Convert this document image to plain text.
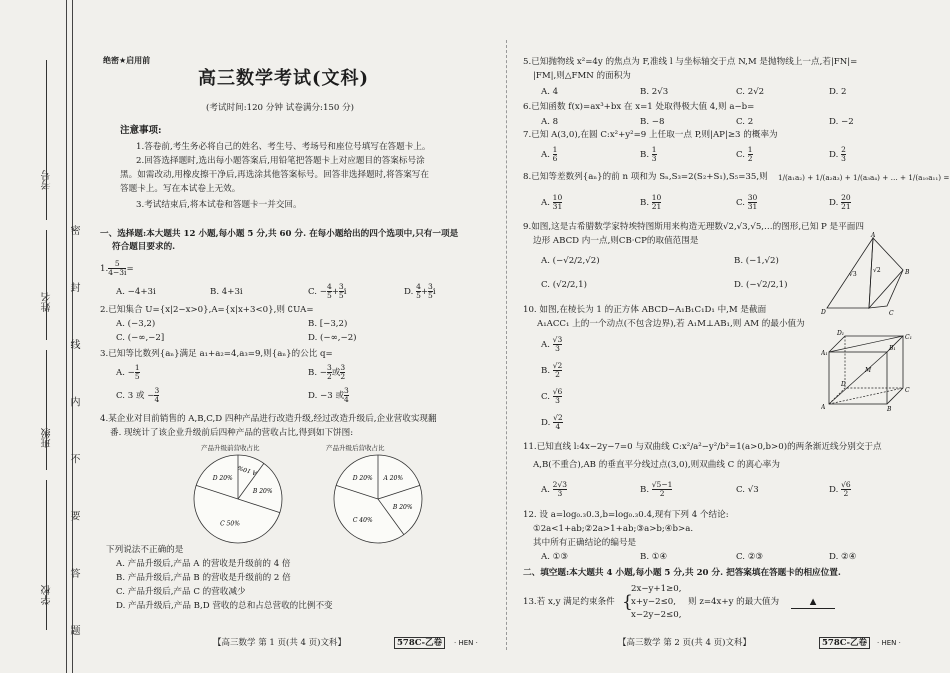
考号
姓名
班级
学校 密 封 线 内 不 要 答 题
绝密★启用前
高三数学考试(文科)
(考试时间:120 分钟 试卷满分:150 分)
注意事项:
1.答卷前,考生务必将自己的姓名、考生号、考场号和座位号填写在答题卡上。
2.回答选择题时,选出每小题答案后,用铅笔把答题卡上对应题目的答案标号涂
黑。如需改动,用橡皮擦干净后,再选涂其他答案标号。回答非选择题时,将答案写在
答题卡上。写在本试卷上无效。
3.考试结束后,将本试卷和答题卡一并交回。
一、选择题:本大题共 12 小题,每小题 5 分,共 60 分. 在每小题给出的四个选项中,只有一项是
符合题目要求的.
1. $\frac{5}{4-3i}$ =
A. −4+3i	B. 4+3i	C. − $\frac{4}{5} + \frac{3}{5}$ i	D. $\frac{4}{5} + \frac{3}{5}$ i
2.已知集合 U={x|2−x>0},A={x|x+3<0},则 ∁UA=
A. (−3,2)	B. [−3,2)
C. (−∞,−2]	D. (−∞,−2)
3.已知等比数列{aₙ}满足 a₁+a₂=4,a₃=9,则{aₙ}的公比 q=
A. − $\frac{1}{5}$	B. − $\frac{3}{2}$ 或 $\frac{3}{2}$
C. 3 或 − $\frac{3}{4}$	D. −3 或 $\frac{3}{4}$
4.某企业对目前销售的 A,B,C,D 四种产品进行改造升级,经过改造升级后,企业营收实现翻
番. 现统计了该企业升级前后四种产品的营收占比,得到如下饼图:
产品升级前营收占比	产品升级后营收占比
A 10%
B 20%
C 50%
D 20%	A 20%
B 20%
C 40%
D 20%
下列说法不正确的是
A. 产品升级后,产品 A 的营收是升级前的 4 倍
B. 产品升级后,产品 B 的营收是升级前的 2 倍
C. 产品升级后,产品 C 的营收减少
D. 产品升级后,产品 B,D 营收的总和占总营收的比例不变
【高三数学 第 1 页(共 4 页)文科】	578C-乙卷	· HEN ·
5.已知抛物线 x²=4y 的焦点为 F,准线 l 与坐标轴交于点 N,M 是抛物线上一点,若|FN|=
|FM|,则△FMN 的面积为
A. 4	B. 2√3	C. 2√2	D. 2
6.已知函数 f(x)=ax³+bx 在 x=1 处取得极大值 4,则 a−b=
A. 8	B. −8	C. 2	D. −2
7.已知 A(3,0),在圆 C:x²+y²=9 上任取一点 P,则|AP|≥3 的概率为
A. $\frac{1}{6}$	B. $\frac{1}{3}$	C. $\frac{1}{2}$	D. $\frac{2}{3}$
8.已知等差数列{aₙ}的前 n 项和为 Sₙ,S₃=2(S₂+S₁),S₅=35,则 1/(a₁a₂) + 1/(a₂a₃) + 1/(a₃a₄) + … + 1/(a₁₀a₁₁) =
A. $\frac{10}{31}$	B. $\frac{10}{21}$	C. $\frac{30}{31}$	D. $\frac{20}{21}$
9.如图,这是古希腊数学家特埃特图斯用来构造无理数√2,√3,√5,…的图形,已知 P 是平面四
边形 ABCD 内一点,则CB·CP的取值范围是
A. (−√2/2,√2)	B. (−1,√2)
C. (√2/2,1)	D. (−√2/2,1)
A
B
C
D
√3
√2
10. 如图,在棱长为 1 的正方体 ABCD−A₁B₁C₁D₁ 中,M 是截面
A₁ACC₁ 上的一个动点(不包含边界),若 A₁M⊥AB₁,则 AM 的最小值为
A. $\frac{√3}{3}$
B. $\frac{√2}{2}$
C. $\frac{√6}{3}$
D. $\frac{√2}{4}$
A₁
B₁
C₁
D₁
A	B
C
D
M
11.已知直线 l:4x−2y−7=0 与双曲线 C:x²/a²−y²/b²=1(a>0,b>0)的两条渐近线分别交于点
A,B(不重合),AB 的垂直平分线过点(3,0),则双曲线 C 的离心率为
A. $\frac{2√3}{3}$	B. $\frac{√5-1}{2}$	C. √3	D. $\frac{√6}{2}$
12. 设 a=log₀.₃0.3,b=log₀.₃0.4,现有下列 4 个结论:
①2a<1+ab;②2a>1+ab;③a>b;④b>a.
其中所有正确结论的编号是
A. ①③	B. ①④	C. ②③	D. ②④
二、填空题:本大题共 4 小题,每小题 5 分,共 20 分. 把答案填在答题卡的相应位置.
13.若 x,y 满足约束条件 {
2x−y+1≥0,
x+y−2≤0,
x−2y−2≤0,
则 z=4x+y 的最大值为	▲
【高三数学 第 2 页(共 4 页)文科】	578C-乙卷	· HEN ·
